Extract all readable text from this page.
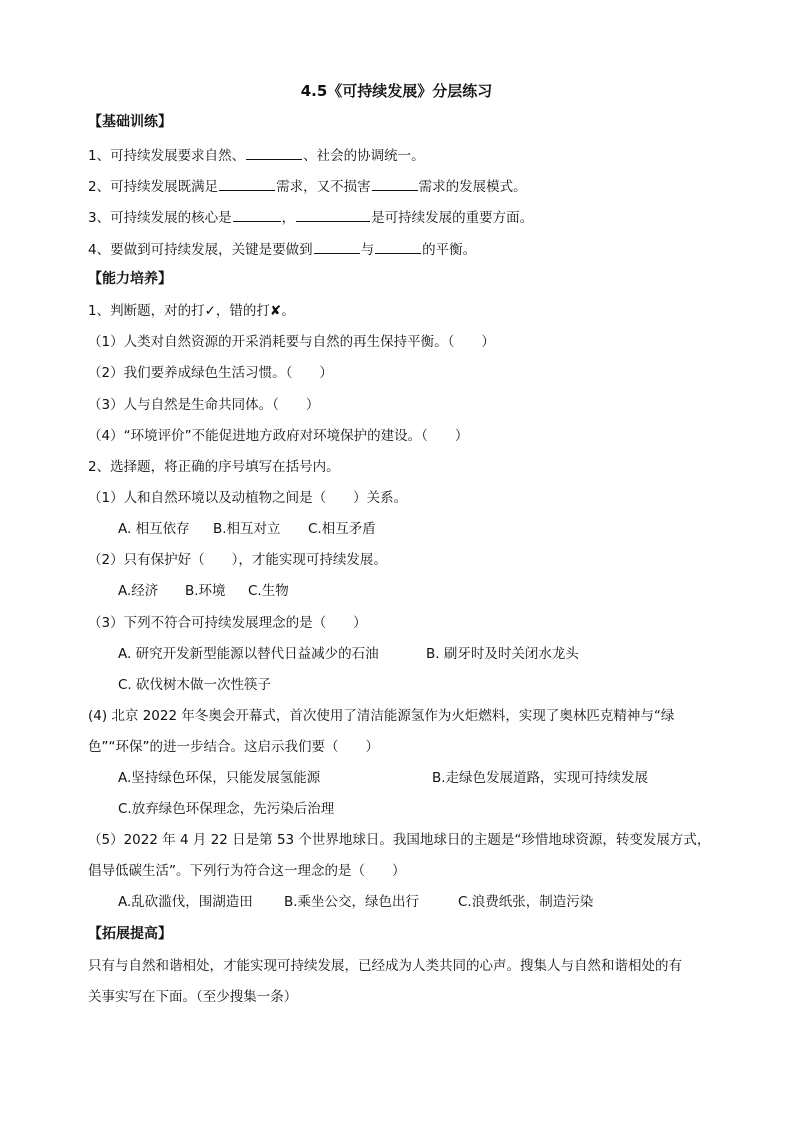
4.5《可持续发展》分层练习
【基础训练】
1、可持续发展要求自然、	、社会的协调统一。
2、可持续发展既满足	需求，又不损害	需求的发展模式。
3、可持续发展的核心是	，	是可持续发展的重要方面。
4、要做到可持续发展，关键是要做到	与	的平衡。
【能力培养】
1、判断题，对的打✓，错的打✘。
（1）人类对自然资源的开采消耗要与自然的再生保持平衡。（　　）
（2）我们要养成绿色生活习惯。（　　）
（3）人与自然是生命共同体。（　　）
（4）“环境评价”不能促进地方政府对环境保护的建设。（　　）
2、选择题，将正确的序号填写在括号内。
（1）人和自然环境以及动植物之间是（　　）关系。
A. 相互依存 B.相互对立 C.相互矛盾
（2）只有保护好（　　），才能实现可持续发展。
A.经济 B.环境 C.生物
（3）下列不符合可持续发展理念的是（　　）
A. 研究开发新型能源以替代日益减少的石油	B. 刷牙时及时关闭水龙头
C. 砍伐树木做一次性筷子
(4) 北京 2022 年冬奥会开幕式，首次使用了清洁能源氢作为火炬燃料，实现了奥林匹克精神与“绿
色”“环保”的进一步结合。这启示我们要（　　）
A.坚持绿色环保，只能发展氢能源	B.走绿色发展道路，实现可持续发展
C.放弃绿色环保理念，先污染后治理
（5）2022 年 4 月 22 日是第 53 个世界地球日。我国地球日的主题是“珍惜地球资源，转变发展方式，
倡导低碳生活”。下列行为符合这一理念的是（　　）
A.乱砍滥伐，围湖造田 B.乘坐公交，绿色出行	C.浪费纸张，制造污染
【拓展提高】
只有与自然和谐相处，才能实现可持续发展，已经成为人类共同的心声。搜集人与自然和谐相处的有
关事实写在下面。（至少搜集一条）
